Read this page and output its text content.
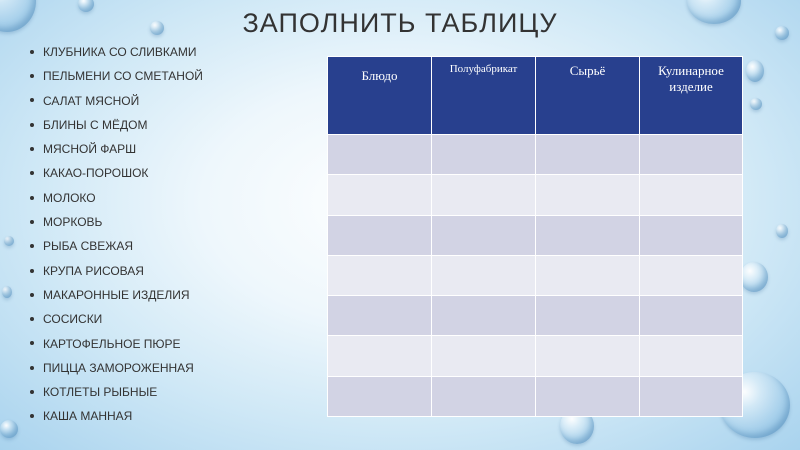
ЗАПОЛНИТЬ ТАБЛИЦУ
КЛУБНИКА СО СЛИВКАМИ
ПЕЛЬМЕНИ СО СМЕТАНОЙ
САЛАТ МЯСНОЙ
БЛИНЫ С МЁДОМ
МЯСНОЙ ФАРШ
КАКАО-ПОРОШОК
МОЛОКО
МОРКОВЬ
РЫБА СВЕЖАЯ
КРУПА РИСОВАЯ
МАКАРОННЫЕ ИЗДЕЛИЯ
СОСИСКИ
КАРТОФЕЛЬНОЕ ПЮРЕ
ПИЦЦА ЗАМОРОЖЕННАЯ
КОТЛЕТЫ РЫБНЫЕ
КАША МАННАЯ
Блюдо	Полуфабрикат	Сырьё	Кулинарное изделие
